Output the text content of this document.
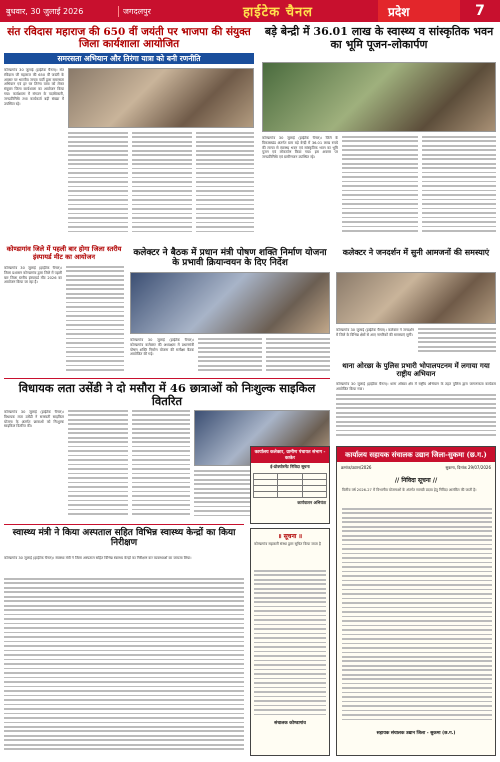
बुधवार, 30 जुलाई 2026	जगदलपुर	हाईटेक चैनल	प्रदेश	7
संत रविदास महाराज की 650 वीं जयंती पर भाजपा की संयुक्त जिला कार्यशाला आयोजित
समरसता अभियान और तिरंगा यात्रा को बनी रणनीति
कोण्डागांव 30 जुलाई (हाईटेक चैनल)। संत रविदास जी महाराज की 650 वीं जयंती के अवसर पर भारतीय जनता पार्टी द्वारा समरसता अभियान एवं हर घर तिरंगा यात्रा को लेकर संयुक्त जिला कार्यशाला का आयोजन किया गया। कार्यशाला में संगठन के पदाधिकारी, जनप्रतिनिधि तथा कार्यकर्ता बड़ी संख्या में उपस्थित रहे।
बड़े बेन्द्री में 36.01 लाख के स्वास्थ्य व सांस्कृतिक भवन का भूमि पूजन-लोकार्पण
कोण्डागांव 30 जुलाई (हाईटेक चैनल)। जिले के विकासखंड अंतर्गत ग्राम बड़े बेन्द्री में 36.01 लाख रुपये की लागत से स्वास्थ्य भवन एवं सांस्कृतिक भवन का भूमि पूजन एवं लोकार्पण किया गया। इस अवसर पर जनप्रतिनिधि एवं ग्रामीणजन उपस्थित रहे।
कोण्डागांव जिले में पहली बार होगा जिला स्तरीय इंस्पायर्ड मीट का आयोजन
कोण्डागांव 30 जुलाई (हाईटेक चैनल)। जिला प्रशासन कोण्डागांव द्वारा जिले में पहली बार जिला स्तरीय इंस्पायर्ड मीट 2026 का आयोजन किया जा रहा है।
कलेक्टर ने बैठक में प्रधान मंत्री पोषण शक्ति निर्माण योजना के प्रभावी क्रियान्वयन के दिए निर्देश
कोण्डागांव 30 जुलाई (हाईटेक चैनल)। कोण्डागांव कलेक्टर की अध्यक्षता में प्रधानमंत्री पोषण शक्ति निर्माण योजना की समीक्षा बैठक आयोजित की गई।
कलेक्टर ने जनदर्शन में सुनी आमजनों की समस्याएं
कोण्डागांव 30 जुलाई (हाईटेक चैनल)। कलेक्टर ने जनदर्शन में जिले के विभिन्न क्षेत्रों से आए नागरिकों की समस्याएं सुनीं।
थाना ओरछा के पुलिस प्रभारी भोपालपटनम में लगाया गया राष्ट्रीय अभियान
कोण्डागांव 30 जुलाई (हाईटेक चैनल)। थाना ओरछा क्षेत्र में राष्ट्रीय अभियान के तहत पुलिस द्वारा जागरूकता कार्यक्रम आयोजित किया गया।
विधायक लता उसेंडी ने दो मसौरा में 46 छात्राओं को निःशुल्क साइकिल वितरित
कोण्डागांव 30 जुलाई (हाईटेक चैनल)। विधायक लता उसेंडी ने सरस्वती साइकिल योजना के अंतर्गत छात्राओं को निःशुल्क साइकिल वितरित की।
स्वास्थ्य मंत्री ने किया अस्पताल सहित विभिन्न स्वास्थ्य केन्द्रों का किया निरीक्षण
कोण्डागांव 30 जुलाई (हाईटेक चैनल)। स्वास्थ्य मंत्री ने जिला अस्पताल सहित विभिन्न स्वास्थ्य केन्द्रों का निरीक्षण कर व्यवस्थाओं का जायजा लिया।
॥ सूचना ॥
कोण्डागांव सहकारी संस्था द्वारा सूचित किया जाता है
संचालक कोण्डागांव
कार्यालय कलेक्टर, ग्रामीण पंचायत संभाग - काकेर
ई-प्रोक्योरमेंट निविदा सूचना

कार्यपालन अभियंता
कार्यालय सहायक संचालक उद्यान जिला-सुकमा (छ.ग.)
क्रमांक/उद्यान/2026	सुकमा, दिनांक 29/07/2026
// निविदा सूचना //
वित्तीय वर्ष 2026-27 में विभागीय योजनाओं के अंतर्गत सामग्री प्रदाय हेतु निविदा आमंत्रित की जाती है।
सहायक संचालक उद्यान जिला - सुकमा (छ.ग.)
